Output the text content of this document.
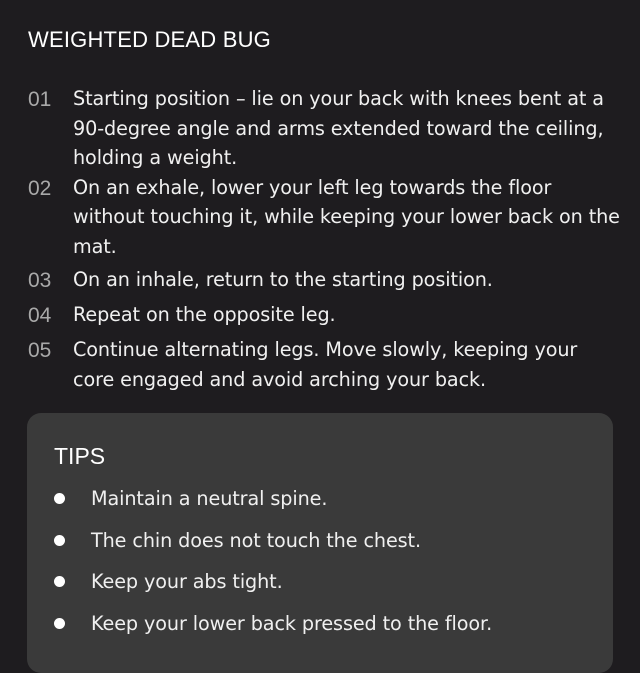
WEIGHTED DEAD BUG
01	Starting position – lie on your back with knees bent at a 90-degree angle and arms extended toward the ceiling, holding a weight.
02	On an exhale, lower your left leg towards the floor without touching it, while keeping your lower back on the mat.
03	On an inhale, return to the starting position.
04	Repeat on the opposite leg.
05	Continue alternating legs. Move slowly, keeping your core engaged and avoid arching your back.
TIPS
Maintain a neutral spine.
The chin does not touch the chest.
Keep your abs tight.
Keep your lower back pressed to the floor.
